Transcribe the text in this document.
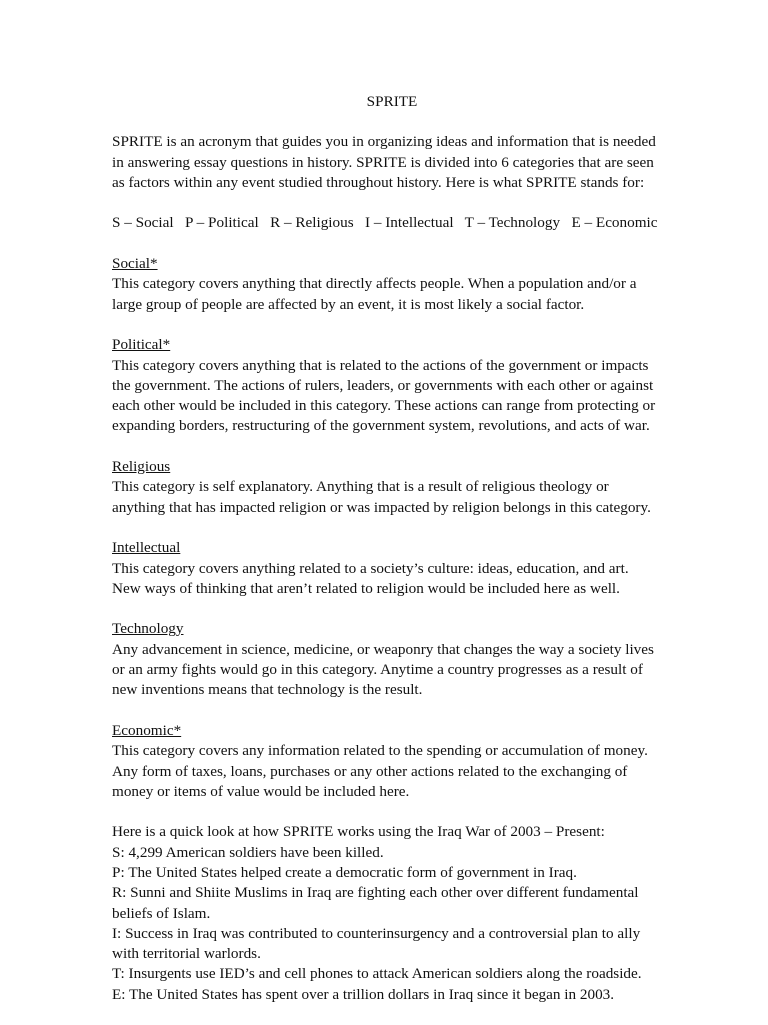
SPRITE

SPRITE is an acronym that guides you in organizing ideas and information that is needed
in answering essay questions in history. SPRITE is divided into 6 categories that are seen
as factors within any event studied throughout history. Here is what SPRITE stands for:

S – Social   P – Political   R – Religious   I – Intellectual   T – Technology   E – Economic

Social*
This category covers anything that directly affects people. When a population and/or a
large group of people are affected by an event, it is most likely a social factor.

Political*
This category covers anything that is related to the actions of the government or impacts
the government. The actions of rulers, leaders, or governments with each other or against
each other would be included in this category. These actions can range from protecting or
expanding borders, restructuring of the government system, revolutions, and acts of war.

Religious
This category is self explanatory. Anything that is a result of religious theology or
anything that has impacted religion or was impacted by religion belongs in this category.

Intellectual
This category covers anything related to a society’s culture: ideas, education, and art.
New ways of thinking that aren’t related to religion would be included here as well.

Technology
Any advancement in science, medicine, or weaponry that changes the way a society lives
or an army fights would go in this category. Anytime a country progresses as a result of
new inventions means that technology is the result.

Economic*
This category covers any information related to the spending or accumulation of money.
Any form of taxes, loans, purchases or any other actions related to the exchanging of
money or items of value would be included here.

Here is a quick look at how SPRITE works using the Iraq War of 2003 – Present:
S: 4,299 American soldiers have been killed.
P: The United States helped create a democratic form of government in Iraq.
R: Sunni and Shiite Muslims in Iraq are fighting each other over different fundamental
beliefs of Islam.
I: Success in Iraq was contributed to counterinsurgency and a controversial plan to ally
with territorial warlords.
T: Insurgents use IED’s and cell phones to attack American soldiers along the roadside.
E: The United States has spent over a trillion dollars in Iraq since it began in 2003.
